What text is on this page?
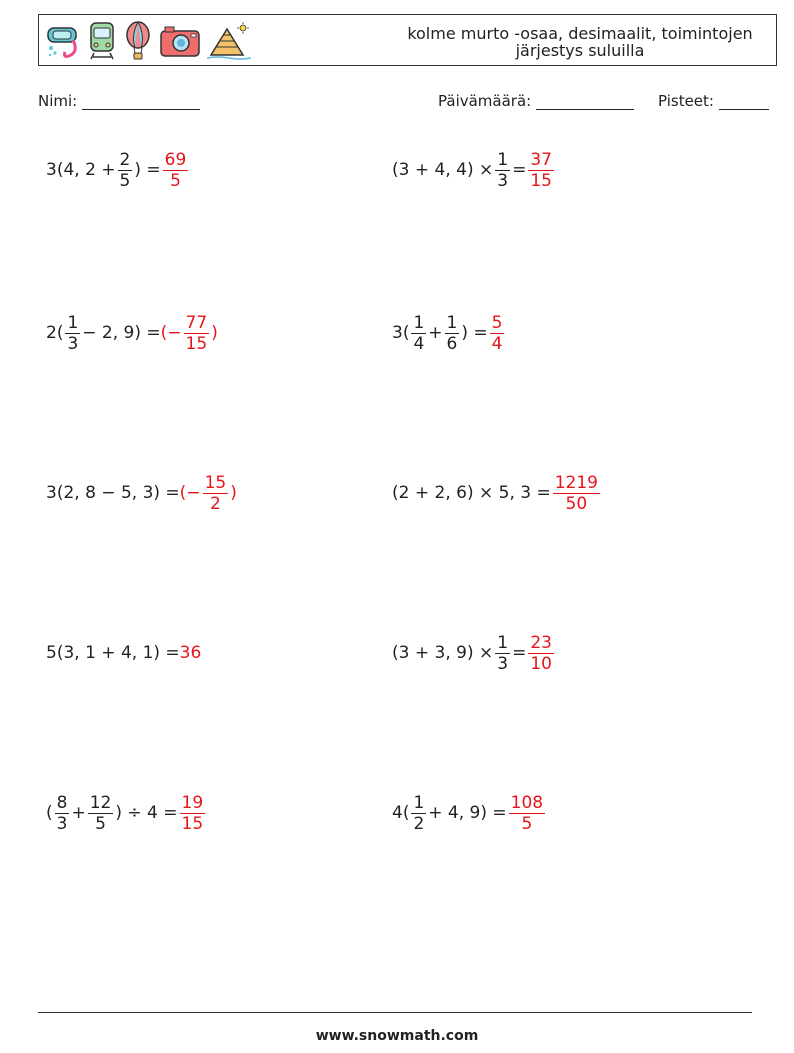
kolme murto -osaa, desimaalit, toimintojen
järjestys suluilla
Nimi:	Päivämäärä:	Pisteet:
3(4, $2 + \frac{2}{5}$ ) = $\frac{69}{5}$	(3 + 4, $4) \times \frac{1}{3} = \frac{37}{15}$
$2( \frac{1}{3} - 2$, 9) = (− $\frac{77}{15}$ )	$3( \frac{1}{4} + \frac{1}{6}$ ) = $\frac{5}{4}$
3(2, 8 − 5, 3) = (− $\frac{15}{2}$ )	(2 + 2, 6) × 5, $3 = \frac{1219}{50}$
5(3, 1 + 4, 1) = 36	(3 + 3, $9) \times \frac{1}{3} = \frac{23}{10}$
( $\frac{8}{3} + \frac{12}{5}$ ) ÷ $4 = \frac{19}{15}$	$4( \frac{1}{2} + 4$, $9) = \frac{108}{5}$
www.snowmath.com
